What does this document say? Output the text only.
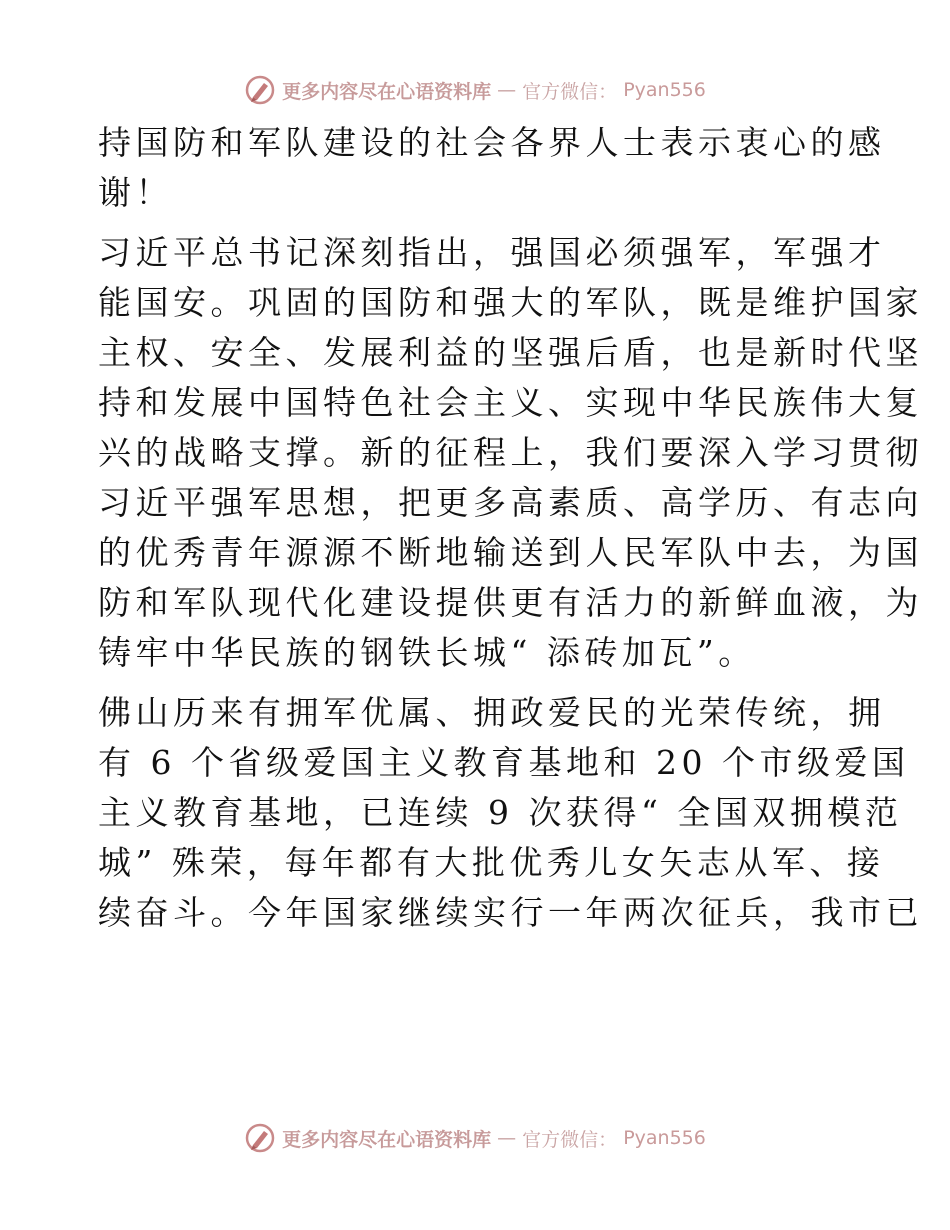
更多内容尽在心语资料库 — 官方微信： Pyan556

持国防和军队建设的社会各界人士表示衷心的感
谢！

习近平总书记深刻指出，强国必须强军，军强才
能国安。巩固的国防和强大的军队，既是维护国家
主权、安全、发展利益的坚强后盾，也是新时代坚
持和发展中国特色社会主义、实现中华民族伟大复
兴的战略支撑。新的征程上，我们要深入学习贯彻
习近平强军思想，把更多高素质、高学历、有志向
的优秀青年源源不断地输送到人民军队中去，为国
防和军队现代化建设提供更有活力的新鲜血液，为
铸牢中华民族的钢铁长城“ 添砖加瓦”。

佛山历来有拥军优属、拥政爱民的光荣传统，拥
有 6 个省级爱国主义教育基地和 20 个市级爱国
主义教育基地，已连续 9 次获得“ 全国双拥模范
城” 殊荣，每年都有大批优秀儿女矢志从军、接
续奋斗。今年国家继续实行一年两次征兵，我市已

更多内容尽在心语资料库 — 官方微信： Pyan556
